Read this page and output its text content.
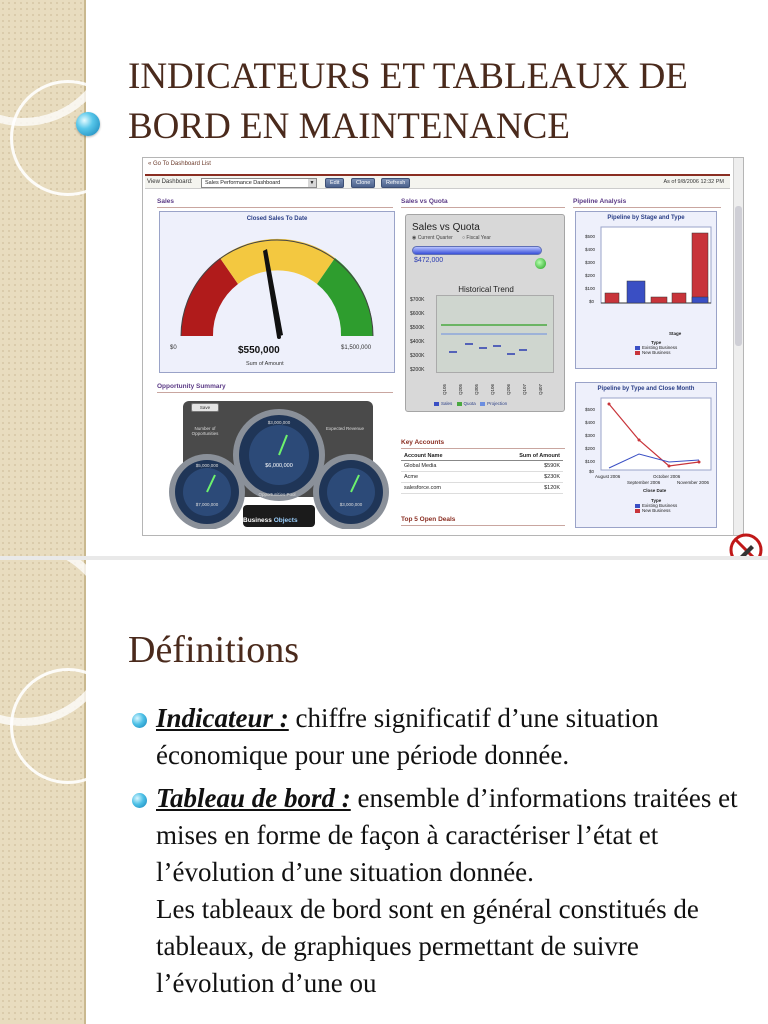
INDICATEURS ET TABLEAUX DE BORD EN MAINTENANCE
« Go To Dashboard List
View Dashboard:	Sales Performance Dashboard	▼	Edit	Clone	Refresh	As of 9/8/2006 12:32 PM
Sales
Closed Sales To Date
$0	$550,000
Sum of Amount
$1,500,000
Opportunity Summary
Save
Number of Opportunities
Expected Revenue
Opportunities Pool
$3,000,000
$6,000,000
$5,000,000
$7,000,000	$3,000,000
Business Objects
Sales vs Quota
Sales vs Quota
◉ Current Quarter ○ Fiscal Year
$472,000
Historical Trend
$700K
$600K
$500K
$400K
$300K
$200K
Q105 Q205 Q305 Q106 Q206 Q107 Q407
Sales	Quota	Projection
Key Accounts
Account Name	Sum of Amount
Global Media	$590K
Acme	$230K
salesforce.com	$120K
Top 5 Open Deals
Pipeline Analysis
Pipeline by Stage and Type
$500
$400
$300
$200
$100
$0
Stage
Type
Existing Business
New Business
Pipeline by Type and Close Month
$500
$400
$300
$200
$100
$0
August 2006
September 2006
October 2006
November 2006
Close Date
Type
Existing Business
New Business
Définitions
Indicateur : chiffre significatif d’une situation économique pour une période donnée.
Tableau de bord : ensemble d’informations traitées et mises en forme de façon à caractériser l’état et l’évolution d’une situation donnée.
Les tableaux de bord sont en général constitués de tableaux, de graphiques permettant de suivre l’évolution d’une ou
